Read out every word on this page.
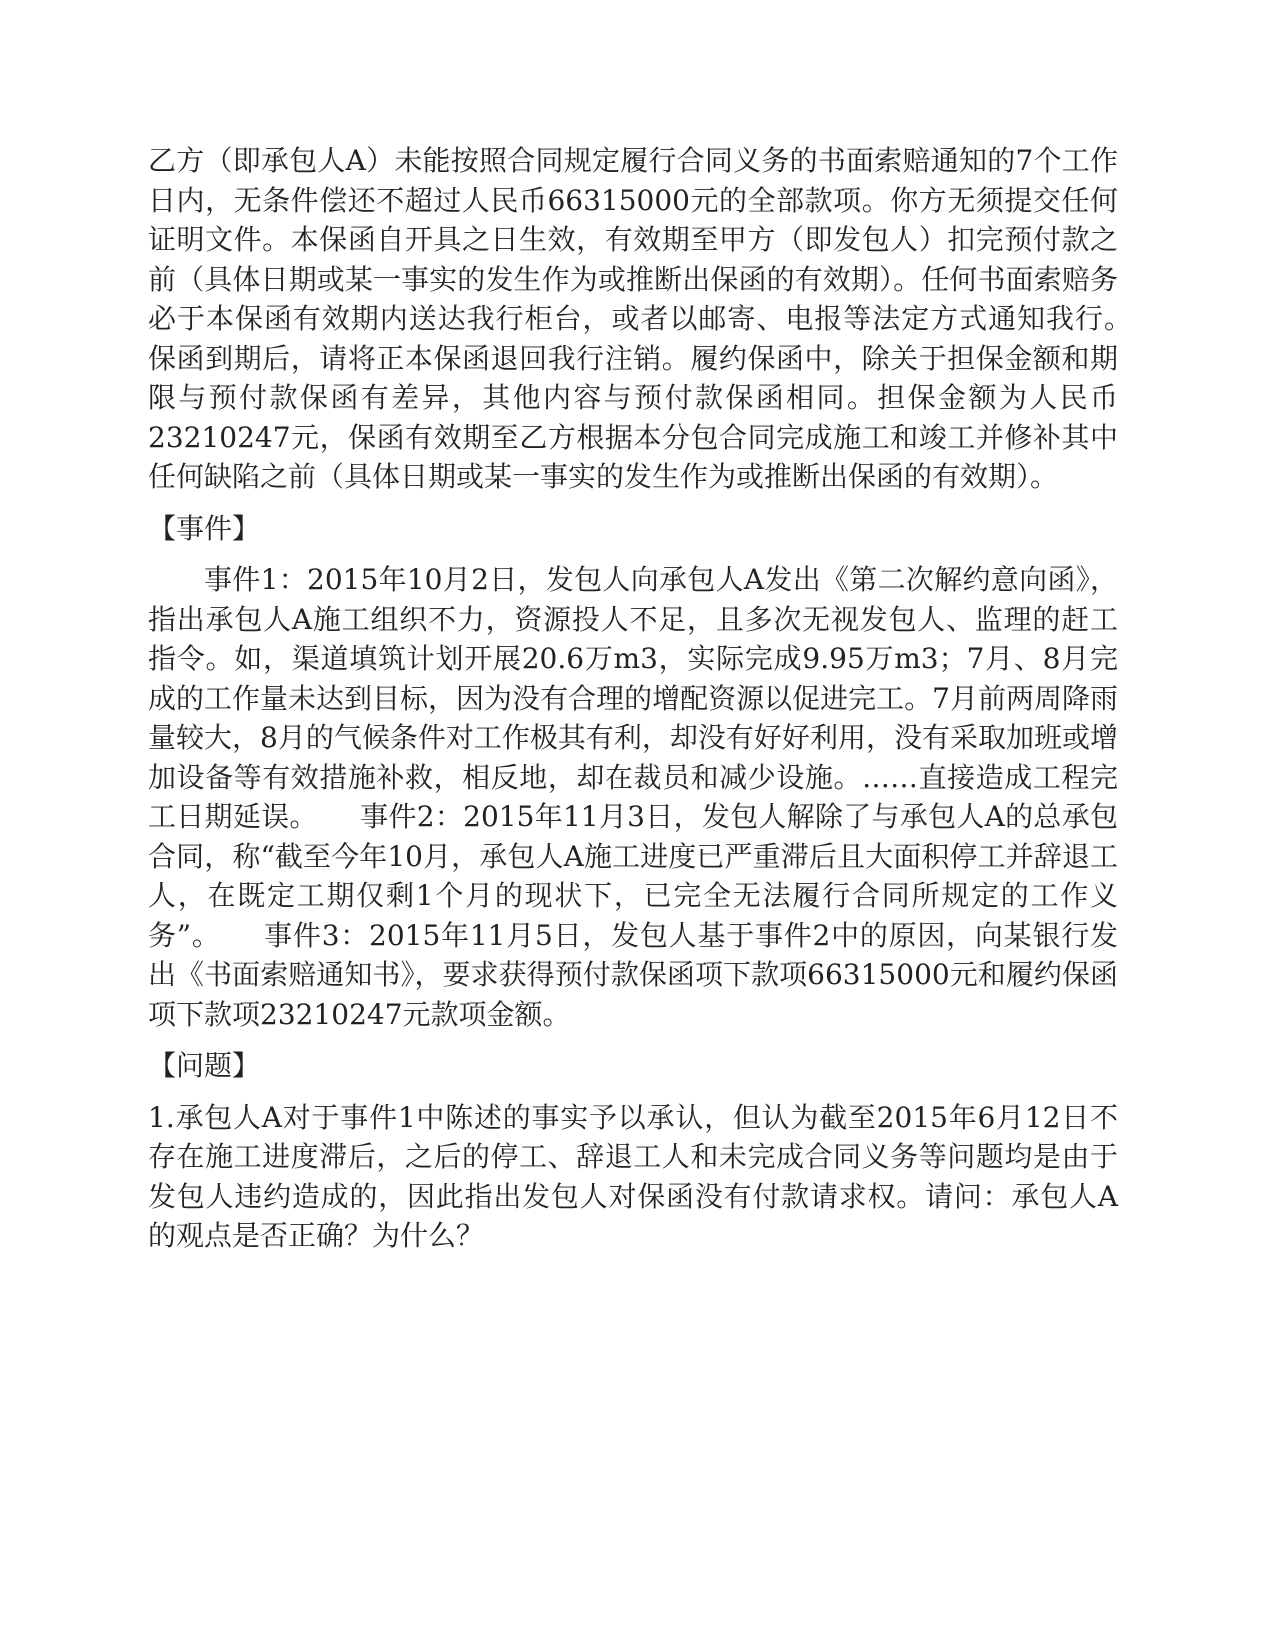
乙方（即承包人A）未能按照合同规定履行合同义务的书面索赔通知的7个工作日内，无条件偿还不超过人民币66315000元的全部款项。你方无须提交任何证明文件。本保函自开具之日生效，有效期至甲方（即发包人）扣完预付款之前（具体日期或某一事实的发生作为或推断出保函的有效期）。任何书面索赔务必于本保函有效期内送达我行柜台，或者以邮寄、电报等法定方式通知我行。　　保函到期后，请将正本保函退回我行注销。履约保函中，除关于担保金额和期限与预付款保函有差异，其他内容与预付款保函相同。担保金额为人民币23210247元，保函有效期至乙方根据本分包合同完成施工和竣工并修补其中任何缺陷之前（具体日期或某一事实的发生作为或推断出保函的有效期）。

【事件】

事件1：2015年10月2日，发包人向承包人A发出《第二次解约意向函》，指出承包人A施工组织不力，资源投人不足，且多次无视发包人、监理的赶工指令。如，渠道填筑计划开展20.6万m3，实际完成9.95万m3；7月、8月完成的工作量未达到目标，因为没有合理的增配资源以促进完工。7月前两周降雨量较大，8月的气候条件对工作极其有利，却没有好好利用，没有采取加班或增加设备等有效措施补救，相反地，却在裁员和减少设施。……直接造成工程完工日期延误。　　事件2：2015年11月3日，发包人解除了与承包人A的总承包合同，称“截至今年10月，承包人A施工进度已严重滞后且大面积停工并辞退工人，在既定工期仅剩1个月的现状下，已完全无法履行合同所规定的工作义务”。　　事件3：2015年11月5日，发包人基于事件2中的原因，向某银行发出《书面索赔通知书》，要求获得预付款保函项下款项66315000元和履约保函项下款项23210247元款项金额。

【问题】

1.承包人A对于事件1中陈述的事实予以承认，但认为截至2015年6月12日不存在施工进度滞后，之后的停工、辞退工人和未完成合同义务等问题均是由于发包人违约造成的，因此指出发包人对保函没有付款请求权。请问：承包人A的观点是否正确？为什么？
